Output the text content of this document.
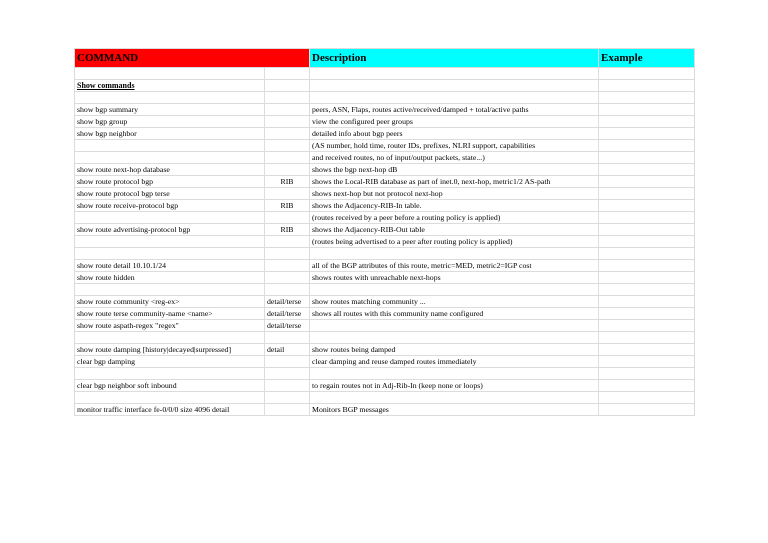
COMMAND		Description	Example

Show commands			

show bgp summary		peers, ASN, Flaps, routes active/received/damped + total/active paths	
show bgp group		view the configured peer groups	
show bgp neighbor		detailed info about bgp peers	
		(AS number, hold time, router IDs, prefixes, NLRI support, capabilities	
		and received routes, no of input/output packets, state...)	
show route next-hop database		shows the bgp next-hop dB	
show route protocol bgp	RIB	shows the Local-RIB database as part of inet.0, next-hop, metric1/2 AS-path	
show route protocol bgp terse		shows next-hop but not protocol next-hop	
show route receive-protocol bgp	RIB	shows the Adjacency-RIB-In table.	
		(routes received by a peer before a routing policy is applied)	
show route advertising-protocol bgp	RIB	shows the Adjacency-RIB-Out table	
		(routes being advertised to a peer after routing policy is applied)	

show route detail 10.10.1/24		all of the BGP attributes of this route, metric=MED, metric2=IGP cost	
show route hidden		shows routes with unreachable next-hops	

show route community <reg-ex>	detail/terse	show routes matching community ...	
show route terse community-name <name>	detail/terse	shows all routes with this community name configured	
show route aspath-regex "regex"	detail/terse		

show route damping [history|decayed|surpressed]	detail	show routes being damped	
clear bgp damping		clear damping and reuse damped routes immediately	

clear bgp neighbor soft inbound		to regain routes not in Adj-Rib-In (keep none or loops)	

monitor traffic interface fe-0/0/0 size 4096 detail		Monitors BGP messages	
